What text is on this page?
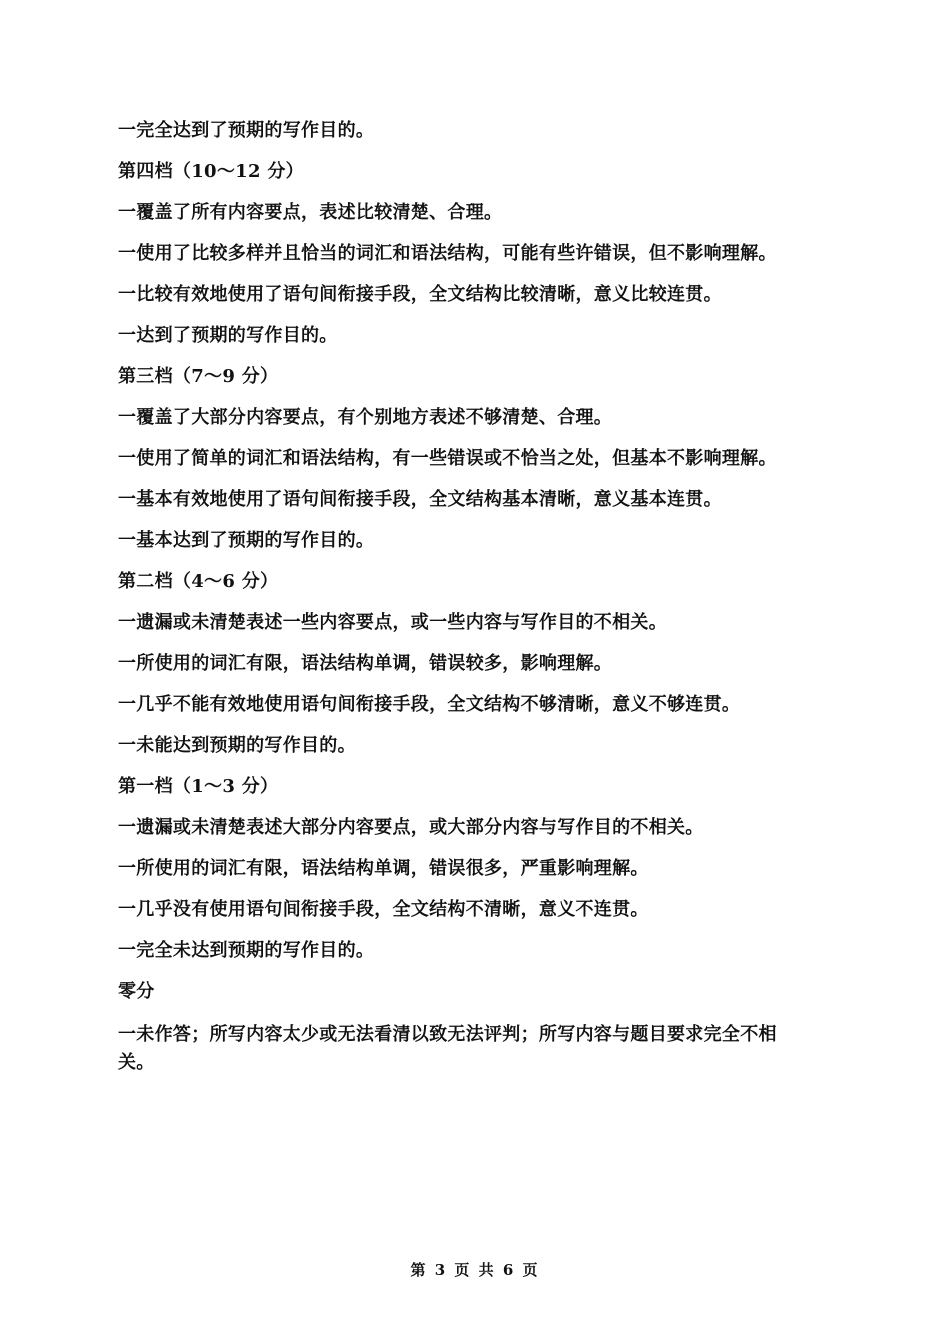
一完全达到了预期的写作目的。
第四档（10～12 分）
一覆盖了所有内容要点，表述比较清楚、合理。
一使用了比较多样并且恰当的词汇和语法结构，可能有些许错误，但不影响理解。
一比较有效地使用了语句间衔接手段，全文结构比较清晰，意义比较连贯。
一达到了预期的写作目的。
第三档（7～9 分）
一覆盖了大部分内容要点，有个别地方表述不够清楚、合理。
一使用了简单的词汇和语法结构，有一些错误或不恰当之处，但基本不影响理解。
一基本有效地使用了语句间衔接手段，全文结构基本清晰，意义基本连贯。
一基本达到了预期的写作目的。
第二档（4～6 分）
一遗漏或未清楚表述一些内容要点，或一些内容与写作目的不相关。
一所使用的词汇有限，语法结构单调，错误较多，影响理解。
一几乎不能有效地使用语句间衔接手段，全文结构不够清晰，意义不够连贯。
一未能达到预期的写作目的。
第一档（1～3 分）
一遗漏或未清楚表述大部分内容要点，或大部分内容与写作目的不相关。
一所使用的词汇有限，语法结构单调，错误很多，严重影响理解。
一几乎没有使用语句间衔接手段，全文结构不清晰，意义不连贯。
一完全未达到预期的写作目的。
零分
一未作答；所写内容太少或无法看清以致无法评判；所写内容与题目要求完全不相关。
第 3 页 共 6 页
